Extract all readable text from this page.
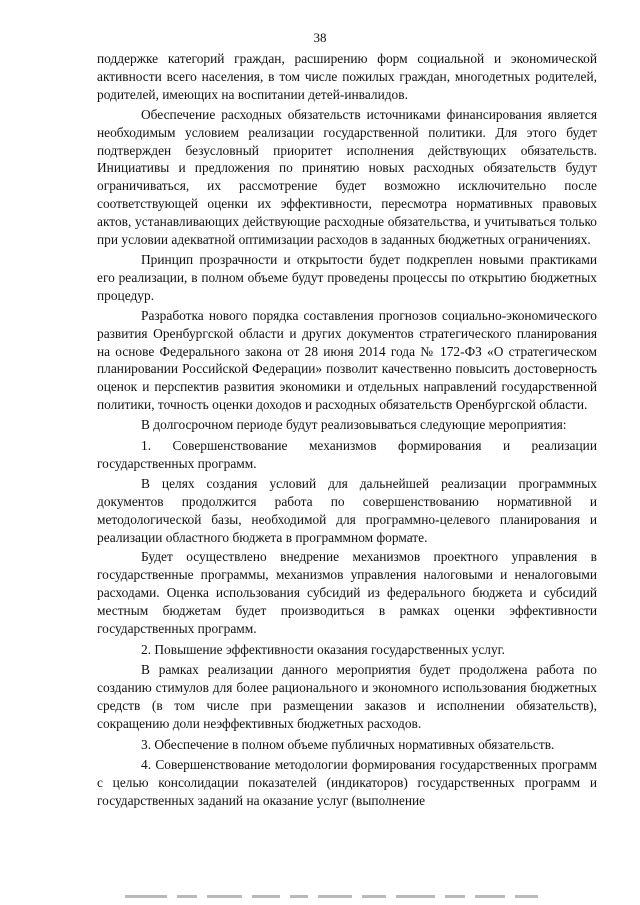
38

поддержке категорий граждан, расширению форм социальной и экономической активности всего населения, в том числе пожилых граждан, многодетных родителей, родителей, имеющих на воспитании детей-инвалидов.

Обеспечение расходных обязательств источниками финансирования является необходимым условием реализации государственной политики. Для этого будет подтвержден безусловный приоритет исполнения действующих обязательств. Инициативы и предложения по принятию новых расходных обязательств будут ограничиваться, их рассмотрение будет возможно исключительно после соответствующей оценки их эффективности, пересмотра нормативных правовых актов, устанавливающих действующие расходные обязательства, и учитываться только при условии адекватной оптимизации расходов в заданных бюджетных ограничениях.

Принцип прозрачности и открытости будет подкреплен новыми практиками его реализации, в полном объеме будут проведены процессы по открытию бюджетных процедур.

Разработка нового порядка составления прогнозов социально-экономического развития Оренбургской области и других документов стратегического планирования на основе Федерального закона от 28 июня 2014 года № 172-ФЗ «О стратегическом планировании Российской Федерации» позволит качественно повысить достоверность оценок и перспектив развития экономики и отдельных направлений государственной политики, точность оценки доходов и расходных обязательств Оренбургской области.

В долгосрочном периоде будут реализовываться следующие мероприятия:

1. Совершенствование механизмов формирования и реализации государственных программ.

В целях создания условий для дальнейшей реализации программных документов продолжится работа по совершенствованию нормативной и методологической базы, необходимой для программно-целевого планирования и реализации областного бюджета в программном формате.

Будет осуществлено внедрение механизмов проектного управления в государственные программы, механизмов управления налоговыми и неналоговыми расходами. Оценка использования субсидий из федерального бюджета и субсидий местным бюджетам будет производиться в рамках оценки эффективности государственных программ.

2. Повышение эффективности оказания государственных услуг.

В рамках реализации данного мероприятия будет продолжена работа по созданию стимулов для более рационального и экономного использования бюджетных средств (в том числе при размещении заказов и исполнении обязательств), сокращению доли неэффективных бюджетных расходов.

3. Обеспечение в полном объеме публичных нормативных обязательств.

4. Совершенствование методологии формирования государственных программ с целью консолидации показателей (индикаторов) государственных программ и государственных заданий на оказание услуг (выполнение
